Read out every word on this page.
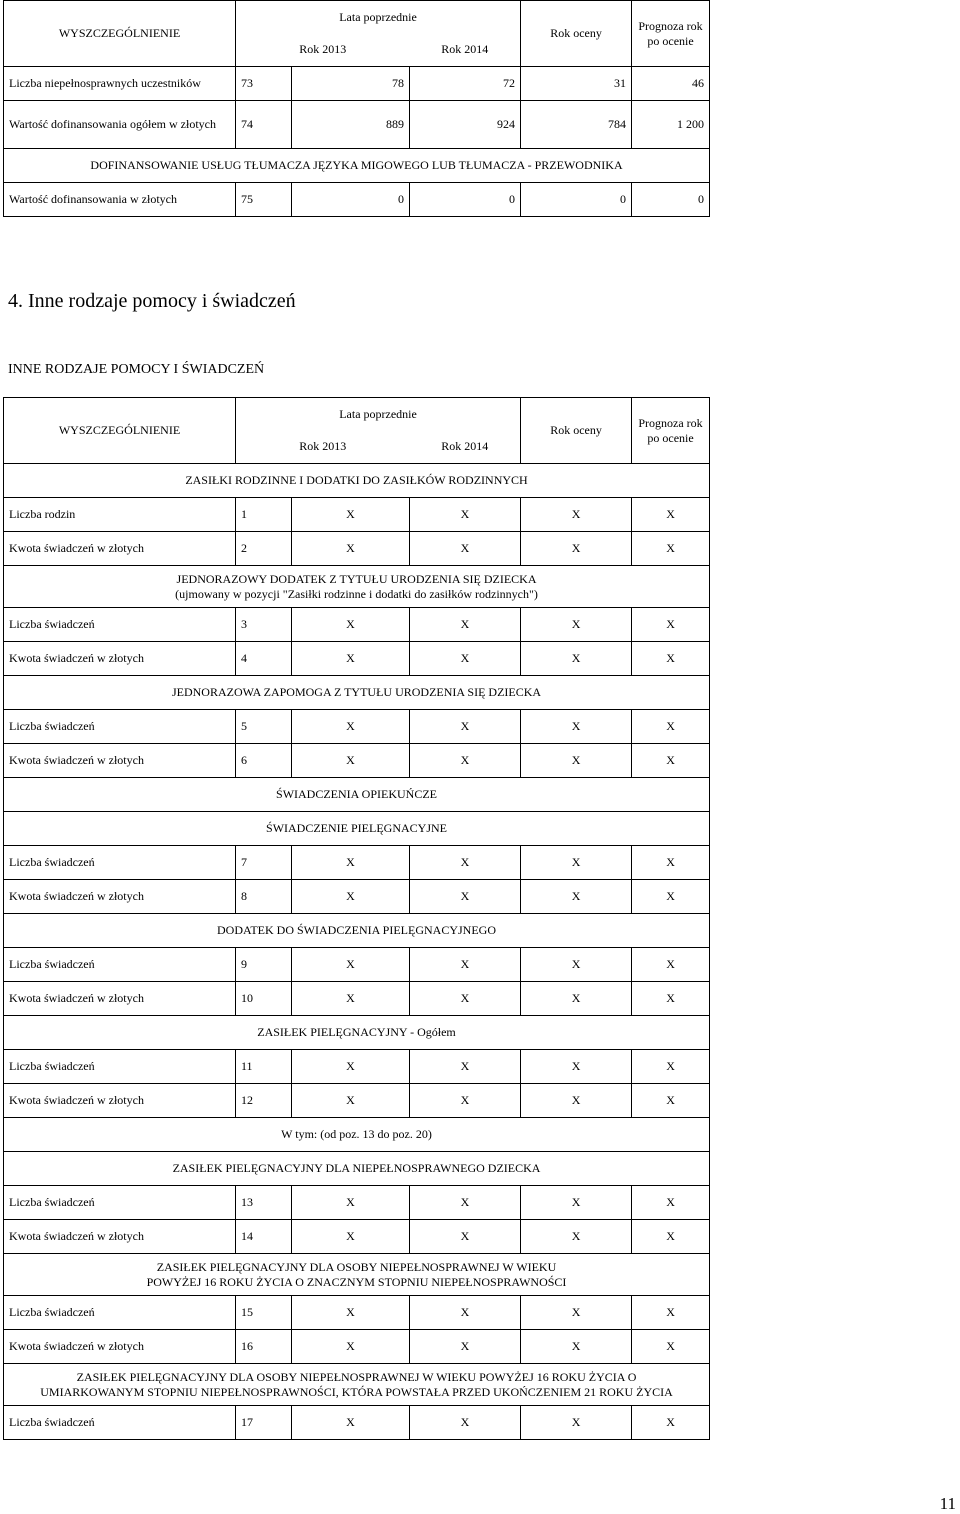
WYSZCZEGÓLNIENIE	Lata poprzednie			Rok oceny	Prognoza rok po ocenie
	Rok 2013		Rok 2014		
Liczba niepełnosprawnych uczestników	73	78	72	31	46
Wartość dofinansowania ogółem w złotych	74	889	924	784	1 200
DOFINANSOWANIE USŁUG TŁUMACZA JĘZYKA MIGOWEGO LUB TŁUMACZA - PRZEWODNIKA					
Wartość dofinansowania w złotych	75	0	0	0	0
4. Inne rodzaje pomocy i świadczeń
INNE RODZAJE POMOCY I ŚWIADCZEŃ
WYSZCZEGÓLNIENIE	Lata poprzednie			Rok oceny	Prognoza rok po ocenie
	Rok 2013		Rok 2014		

ZASIŁKI RODZINNE I DODATKI DO ZASIŁKÓW RODZINNYCH					

Liczba rodzin	1	X	X	X	X
Kwota świadczeń w złotych	2	X	X	X	X

JEDNORAZOWY DODATEK Z TYTUŁU URODZENIA SIĘ DZIECKA
(ujmowany w pozycji "Zasiłki rodzinne i dodatki do zasiłków rodzinnych")					

Liczba świadczeń	3	X	X	X	X
Kwota świadczeń w złotych	4	X	X	X	X

JEDNORAZOWA ZAPOMOGA Z TYTUŁU URODZENIA SIĘ DZIECKA					

Liczba świadczeń	5	X	X	X	X
Kwota świadczeń w złotych	6	X	X	X	X

ŚWIADCZENIA OPIEKUŃCZE					

ŚWIADCZENIE PIELĘGNACYJNE					

Liczba świadczeń	7	X	X	X	X
Kwota świadczeń w złotych	8	X	X	X	X

DODATEK DO ŚWIADCZENIA PIELĘGNACYJNEGO					

Liczba świadczeń	9	X	X	X	X
Kwota świadczeń w złotych	10	X	X	X	X

ZASIŁEK PIELĘGNACYJNY - Ogółem					

Liczba świadczeń	11	X	X	X	X
Kwota świadczeń w złotych	12	X	X	X	X

W tym: (od poz. 13 do poz. 20)					

ZASIŁEK PIELĘGNACYJNY DLA NIEPEŁNOSPRAWNEGO DZIECKA					

Liczba świadczeń	13	X	X	X	X
Kwota świadczeń w złotych	14	X	X	X	X

ZASIŁEK PIELĘGNACYJNY DLA OSOBY NIEPEŁNOSPRAWNEJ W WIEKU
POWYŻEJ 16 ROKU ŻYCIA O ZNACZNYM STOPNIU NIEPEŁNOSPRAWNOŚCI					

Liczba świadczeń	15	X	X	X	X
Kwota świadczeń w złotych	16	X	X	X	X

ZASIŁEK PIELĘGNACYJNY DLA OSOBY NIEPEŁNOSPRAWNEJ W WIEKU POWYŻEJ 16 ROKU ŻYCIA O
UMIARKOWANYM STOPNIU NIEPEŁNOSPRAWNOŚCI, KTÓRA POWSTAŁA PRZED UKOŃCZENIEM 21 ROKU ŻYCIA					

Liczba świadczeń	17	X	X	X	X
11
